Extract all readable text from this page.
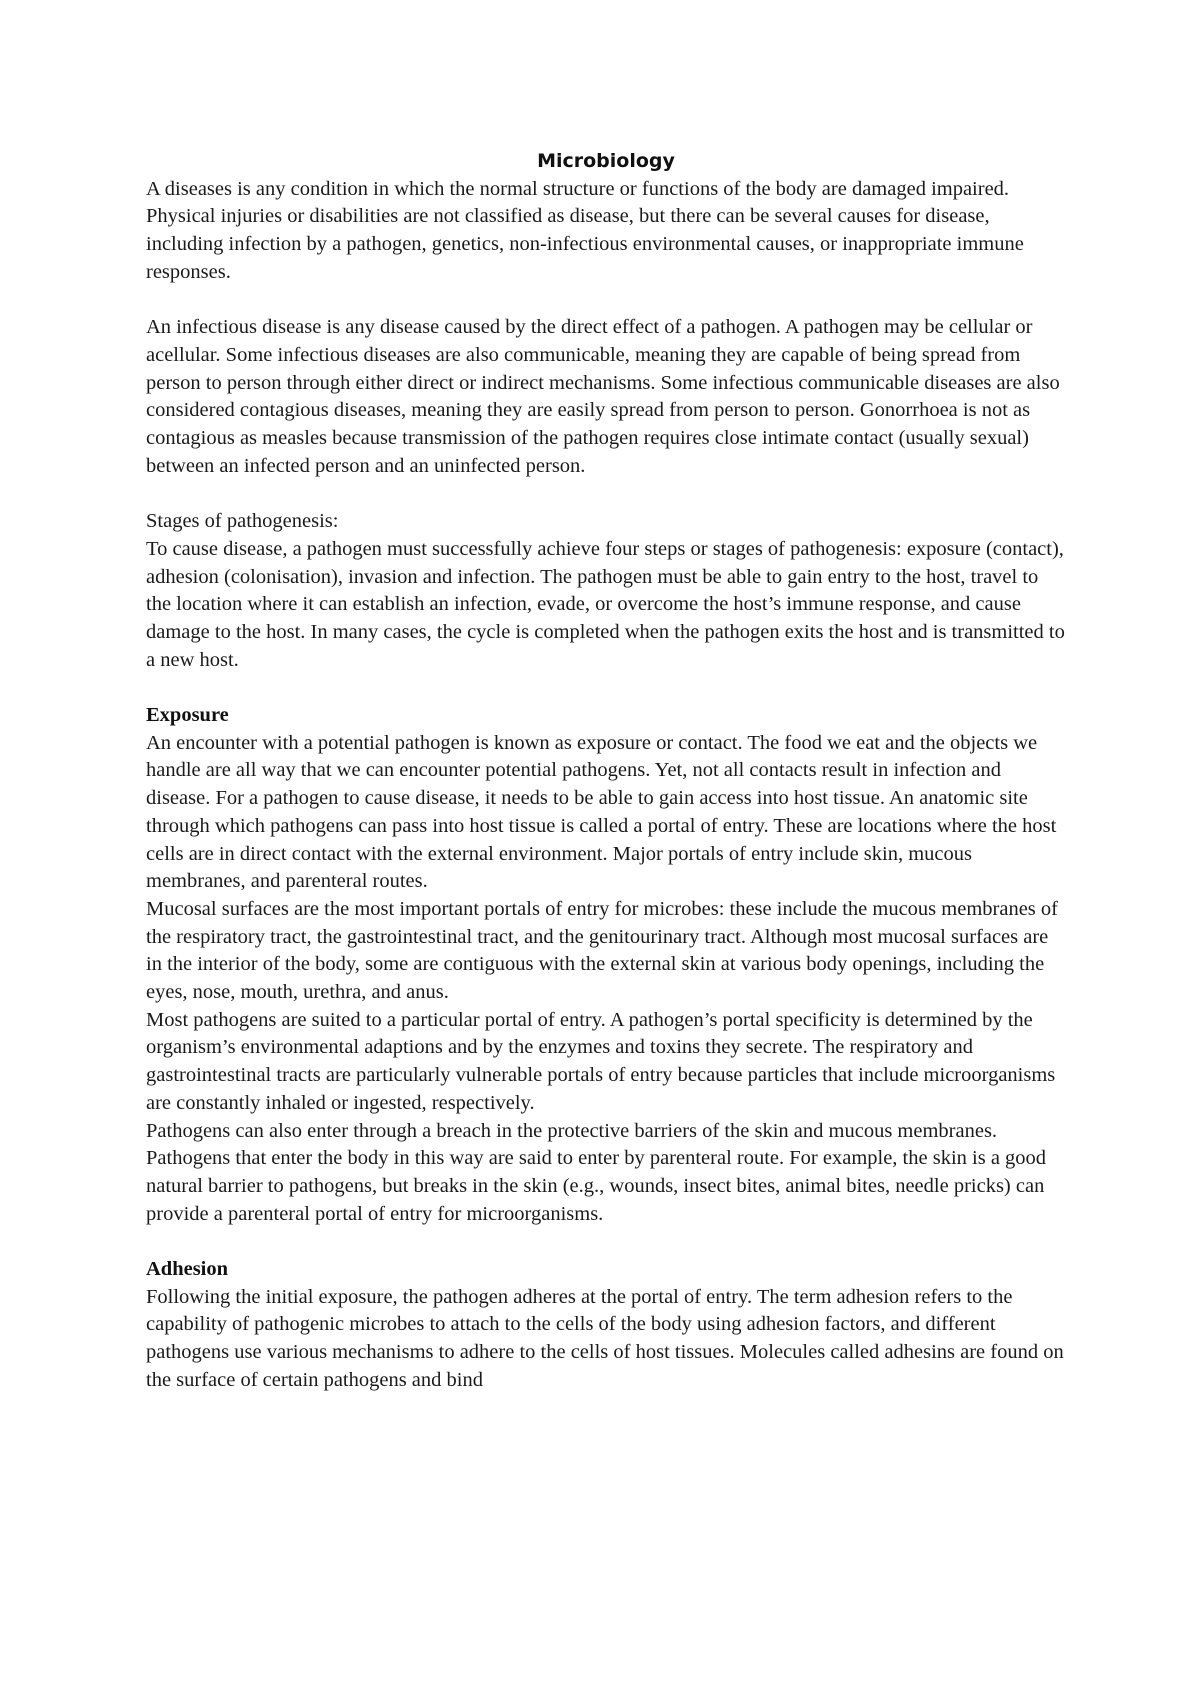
Microbiology

A diseases is any condition in which the normal structure or functions of the body are damaged impaired. Physical injuries or disabilities are not classified as disease, but there can be several causes for disease, including infection by a pathogen, genetics, non-infectious environmental causes, or inappropriate immune responses.

An infectious disease is any disease caused by the direct effect of a pathogen. A pathogen may be cellular or acellular. Some infectious diseases are also communicable, meaning they are capable of being spread from person to person through either direct or indirect mechanisms. Some infectious communicable diseases are also considered contagious diseases, meaning they are easily spread from person to person. Gonorrhoea is not as contagious as measles because transmission of the pathogen requires close intimate contact (usually sexual) between an infected person and an uninfected person.

Stages of pathogenesis:

To cause disease, a pathogen must successfully achieve four steps or stages of pathogenesis: exposure (contact), adhesion (colonisation), invasion and infection. The pathogen must be able to gain entry to the host, travel to the location where it can establish an infection, evade, or overcome the host’s immune response, and cause damage to the host. In many cases, the cycle is completed when the pathogen exits the host and is transmitted to a new host.

Exposure

An encounter with a potential pathogen is known as exposure or contact. The food we eat and the objects we handle are all way that we can encounter potential pathogens. Yet, not all contacts result in infection and disease. For a pathogen to cause disease, it needs to be able to gain access into host tissue. An anatomic site through which pathogens can pass into host tissue is called a portal of entry. These are locations where the host cells are in direct contact with the external environment. Major portals of entry include skin, mucous membranes, and parenteral routes.

Mucosal surfaces are the most important portals of entry for microbes: these include the mucous membranes of the respiratory tract, the gastrointestinal tract, and the genitourinary tract. Although most mucosal surfaces are in the interior of the body, some are contiguous with the external skin at various body openings, including the eyes, nose, mouth, urethra, and anus.

Most pathogens are suited to a particular portal of entry. A pathogen’s portal specificity is determined by the organism’s environmental adaptions and by the enzymes and toxins they secrete. The respiratory and gastrointestinal tracts are particularly vulnerable portals of entry because particles that include microorganisms are constantly inhaled or ingested, respectively.

Pathogens can also enter through a breach in the protective barriers of the skin and mucous membranes. Pathogens that enter the body in this way are said to enter by parenteral route. For example, the skin is a good natural barrier to pathogens, but breaks in the skin (e.g., wounds, insect bites, animal bites, needle pricks) can provide a parenteral portal of entry for microorganisms.

Adhesion

Following the initial exposure, the pathogen adheres at the portal of entry. The term adhesion refers to the capability of pathogenic microbes to attach to the cells of the body using adhesion factors, and different pathogens use various mechanisms to adhere to the cells of host tissues. Molecules called adhesins are found on the surface of certain pathogens and bind
